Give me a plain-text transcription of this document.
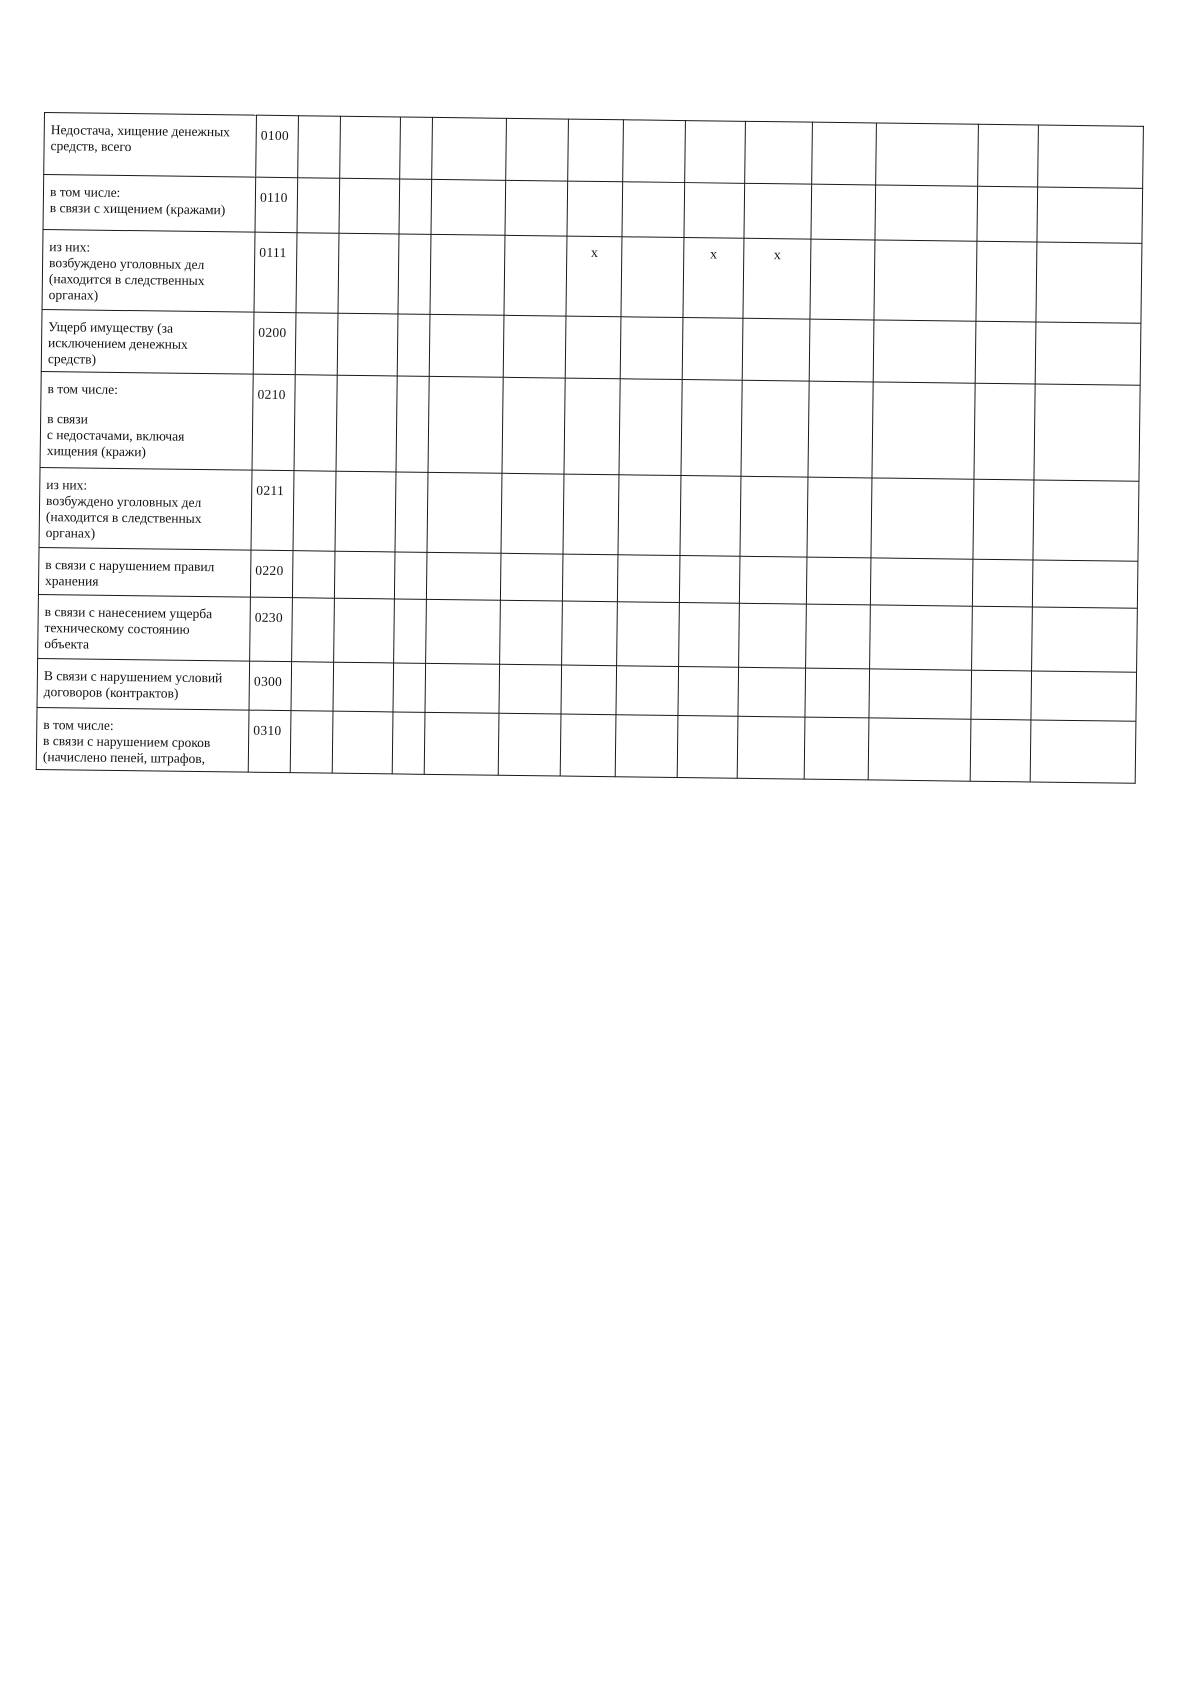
Недостача, хищение денежных
средств, всего	0100													

в том числе:
в связи с хищением (кражами)	0110													

из них:
возбуждено уголовных дел
(находится в следственных
органах)	0111						x		x	x				

Ущерб имуществу (за
исключением денежных
средств)	0200													

в том числе:
в связи
с недостачами, включая
хищения (кражи)	0210													

из них:
возбуждено уголовных дел
(находится в следственных
органах)	0211													

в связи с нарушением правил
хранения	0220													

в связи с нанесением ущерба
техническому состоянию
объекта	0230													

В связи с нарушением условий
договоров (контрактов)	0300													

в том числе:
в связи с нарушением сроков
(начислено пеней, штрафов,	0310													
